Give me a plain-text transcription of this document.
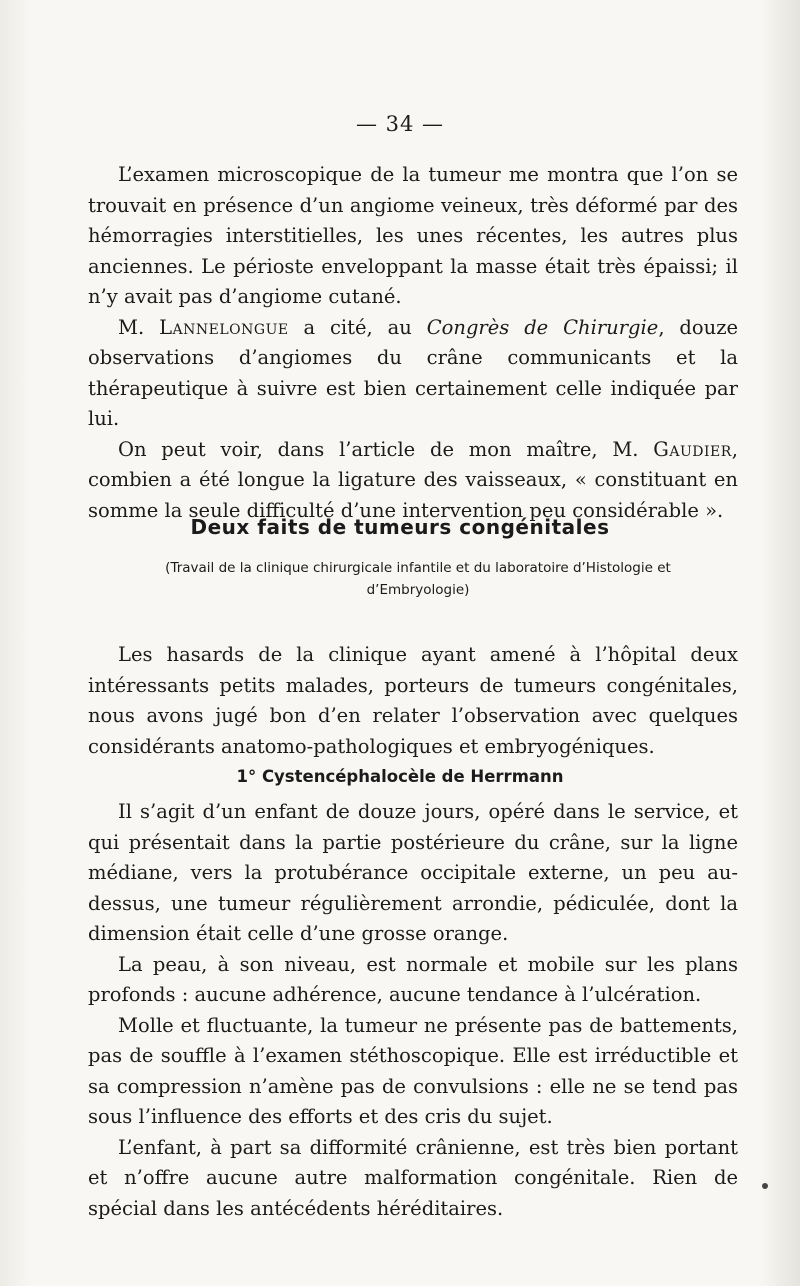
— 34 —

L’examen microscopique de la tumeur me montra que l’on se trouvait en présence d’un angiome veineux, très déformé par des hémorragies interstitielles, les unes récentes, les autres plus anciennes. Le périoste enveloppant la masse était très épaissi; il n’y avait pas d’angiome cutané.

M. Lannelongue a cité, au Congrès de Chirurgie, douze observations d’angiomes du crâne communicants et la thérapeutique à suivre est bien certainement celle indiquée par lui.

On peut voir, dans l’article de mon maître, M. Gaudier, combien a été longue la ligature des vaisseaux, « constituant en somme la seule difficulté d’une intervention peu considérable ».

Deux faits de tumeurs congénitales
(Travail de la clinique chirurgicale infantile et du laboratoire d’Histologie et d’Embryologie)

Les hasards de la clinique ayant amené à l’hôpital deux intéressants petits malades, porteurs de tumeurs congénitales, nous avons jugé bon d’en relater l’observation avec quelques considérants anatomo-pathologiques et embryogéniques.

1° Cystencéphalocèle de Herrmann

Il s’agit d’un enfant de douze jours, opéré dans le service, et qui présentait dans la partie postérieure du crâne, sur la ligne médiane, vers la protubérance occipitale externe, un peu au-dessus, une tumeur régulièrement arrondie, pédiculée, dont la dimension était celle d’une grosse orange.

La peau, à son niveau, est normale et mobile sur les plans profonds : aucune adhérence, aucune tendance à l’ulcération.

Molle et fluctuante, la tumeur ne présente pas de battements, pas de souffle à l’examen stéthoscopique. Elle est irréductible et sa compression n’amène pas de convulsions : elle ne se tend pas sous l’influence des efforts et des cris du sujet.

L’enfant, à part sa difformité crânienne, est très bien portant et n’offre aucune autre malformation congénitale. Rien de spécial dans les antécédents héréditaires.
